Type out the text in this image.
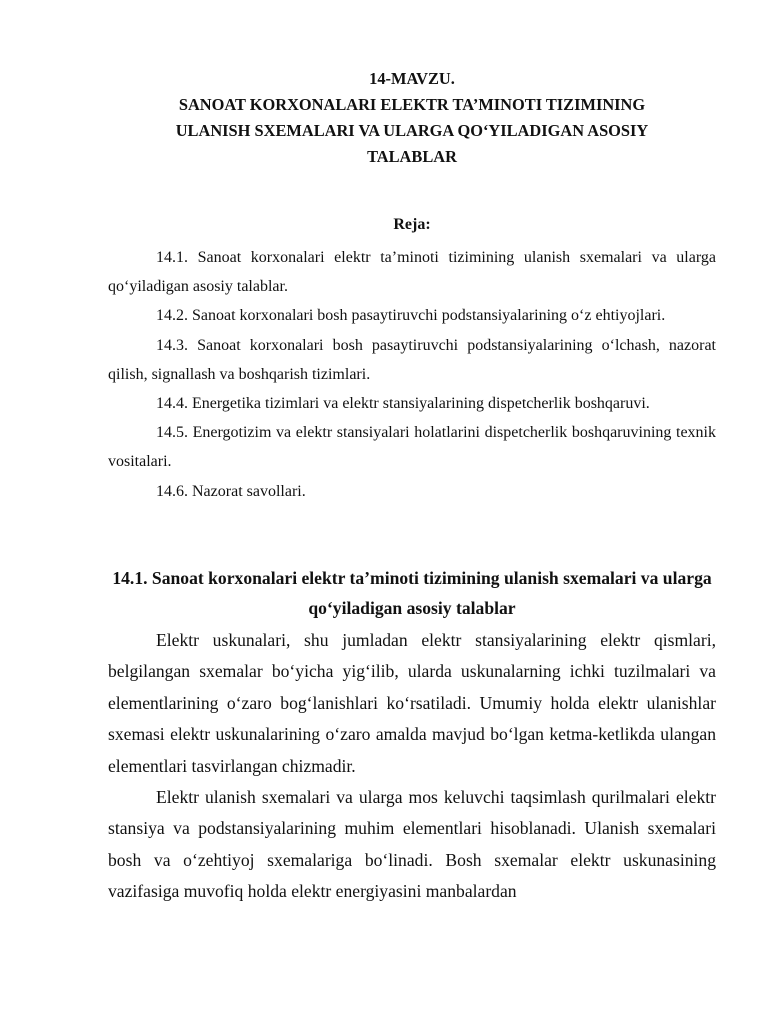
14-MAVZU.
SANOAT KORXONALARI ELEKTR TA’MINOTI TIZIMINING
ULANISH SXEMALARI VA ULARGA QO‘YILADIGAN ASOSIY
TALABLAR
Reja:

14.1. Sanoat korxonalari elektr ta’minoti tizimining ulanish sxemalari va ularga qo‘yiladigan asosiy talablar.

14.2. Sanoat korxonalari bosh pasaytiruvchi podstansiyalarining o‘z ehtiyojlari.

14.3. Sanoat korxonalari bosh pasaytiruvchi podstansiyalarining o‘lchash, nazorat qilish, signallash va boshqarish tizimlari.

14.4. Energetika tizimlari va elektr stansiyalarining dispetcherlik boshqaruvi.

14.5. Energotizim va elektr stansiyalari holatlarini dispetcherlik boshqaruvining texnik vositalari.

14.6. Nazorat savollari.

14.1. Sanoat korxonalari elektr ta’minoti tizimining ulanish sxemalari va ularga qo‘yiladigan asosiy talablar

Elektr uskunalari, shu jumladan elektr stansiyalarining elektr qismlari, belgilangan sxemalar bo‘yicha yig‘ilib, ularda uskunalarning ichki tuzilmalari va elementlarining o‘zaro bog‘lanishlari ko‘rsatiladi. Umumiy holda elektr ulanishlar sxemasi elektr uskunalarining o‘zaro amalda mavjud bo‘lgan ketma-ketlikda ulangan elementlari tasvirlangan chizmadir.

Elektr ulanish sxemalari va ularga mos keluvchi taqsimlash qurilmalari elektr stansiya va podstansiyalarining muhim elementlari hisoblanadi. Ulanish sxemalari bosh va o‘zehtiyoj sxemalariga bo‘linadi. Bosh sxemalar elektr uskunasining vazifasiga muvofiq holda elektr energiyasini manbalardan
